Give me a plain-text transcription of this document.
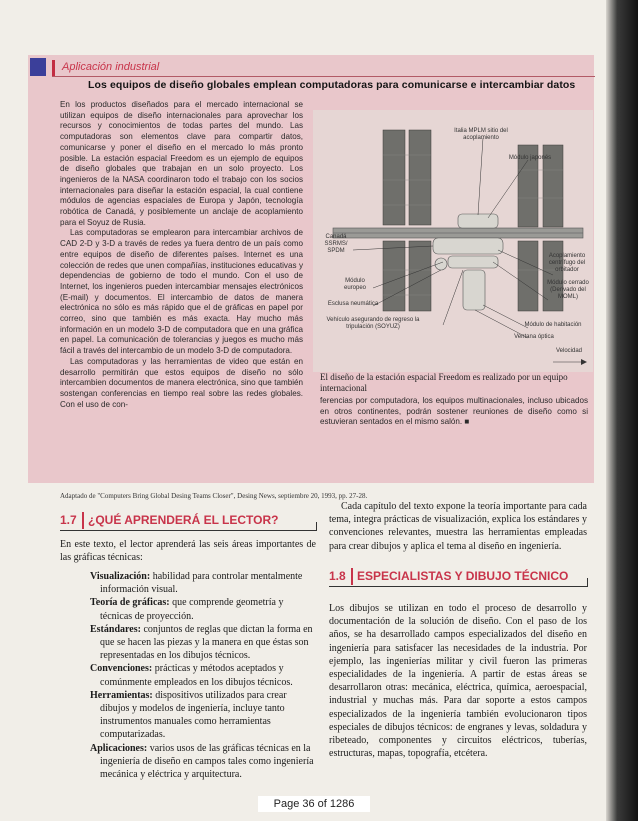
Aplicación industrial
Los equipos de diseño globales emplean computadoras para comunicarse e intercambiar datos

En los productos diseñados para el mercado internacional se utilizan equipos de diseño internacionales para aprovechar los recursos y conocimientos de todas partes del mundo. Las computadoras son elementos clave para compartir datos, comunicarse y poner el diseño en el mercado lo más pronto posible. La estación espacial Freedom es un ejemplo de equipos de diseño globales que trabajan en un solo proyecto. Los ingenieros de la NASA coordinaron todo el trabajo con los socios internacionales para diseñar la estación espacial, la cual contiene módulos de agencias espaciales de Europa y Japón, tecnología robótica de Canadá, y posiblemente un anclaje de acoplamiento para el Soyuz de Rusia.

Las computadoras se emplearon para intercambiar archivos de CAD 2-D y 3-D a través de redes ya fuera dentro de un país como entre equipos de diseño de diferentes países. Internet es una colección de redes que unen compañías, instituciones educativas y dependencias de gobierno de todo el mundo. Con el uso de Internet, los ingenieros pueden intercambiar mensajes electrónicos (E-mail) y documentos. El intercambio de datos de manera electrónica no sólo es más rápido que el de gráficas en papel por correo, sino que también es más exacta. Hay mucho más información en un modelo 3-D de computadora que en una gráfica en papel. La comunicación de tolerancias y juegos es mucho más fácil a través del intercambio de un modelo 3-D de computadora.

Las computadoras y las herramientas de video que están en desarrollo permitirán que estos equipos de diseño no sólo intercambien documentos de manera electrónica, sino que también sostengan conferencias en tiempo real sobre las redes globales. Con el uso de con-

Italia MPLM sitio del acoplamiento
Módulo japonés
Canadá SSRMS/ SPDM
Acoplamiento centrífugo del orbitador
Módulo europeo
Módulo cerrado (Derivado del MOML)
Esclusa neumática
Vehículo asegurando de regreso la tripulación (SOYUZ)	Módulo de habitación
Ventana óptica
Velocidad
El diseño de la estación espacial Freedom es realizado por un equipo internacional
ferencias por computadora, los equipos multinacionales, incluso ubicados en otros continentes, podrán sostener reuniones de diseño como si estuvieran sentados en el mismo salón. ■
Adaptado de "Computers Bring Global Desing Teams Closer", Desing News, septiembre 20, 1993, pp. 27-28.
1.7 ¿QUÉ APRENDERÁ EL LECTOR?
En este texto, el lector aprenderá las seis áreas importantes de las gráficas técnicas:

Visualización: habilidad para controlar mentalmente información visual.

Teoría de gráficas: que comprende geometría y técnicas de proyección.

Estándares: conjuntos de reglas que dictan la forma en que se hacen las piezas y la manera en que éstas son representadas en los dibujos técnicos.

Convenciones: prácticas y métodos aceptados y comúnmente empleados en los dibujos técnicos.

Herramientas: dispositivos utilizados para crear dibujos y modelos de ingeniería, incluye tanto instrumentos manuales como herramientas computarizadas.

Aplicaciones: varios usos de las gráficas técnicas en la ingeniería de diseño en campos tales como ingeniería mecánica y eléctrica y arquitectura.

Cada capítulo del texto expone la teoría importante para cada tema, integra prácticas de visualización, explica los estándares y convenciones relevantes, muestra las herramientas empleadas para crear dibujos y aplica el tema al diseño en ingeniería.

1.8 ESPECIALISTAS Y DIBUJO TÉCNICO
Los dibujos se utilizan en todo el proceso de desarrollo y documentación de la solución de diseño. Con el paso de los años, se ha desarrollado campos especializados del diseño en ingeniería para satisfacer las necesidades de la industria. Por ejemplo, las ingenierías militar y civil fueron las primeras especialidades de la ingeniería. A partir de estas áreas se desarrollaron otras: mecánica, eléctrica, química, aeroespacial, industrial y muchas más. Para dar soporte a estos campos especializados de la ingeniería también evolucionaron tipos especiales de dibujos técnicos: de engranes y levas, soldadura y ribeteado, componentes y circuitos eléctricos, tuberías, estructuras, mapas, topografía, etcétera.
Page 36 of 1286
